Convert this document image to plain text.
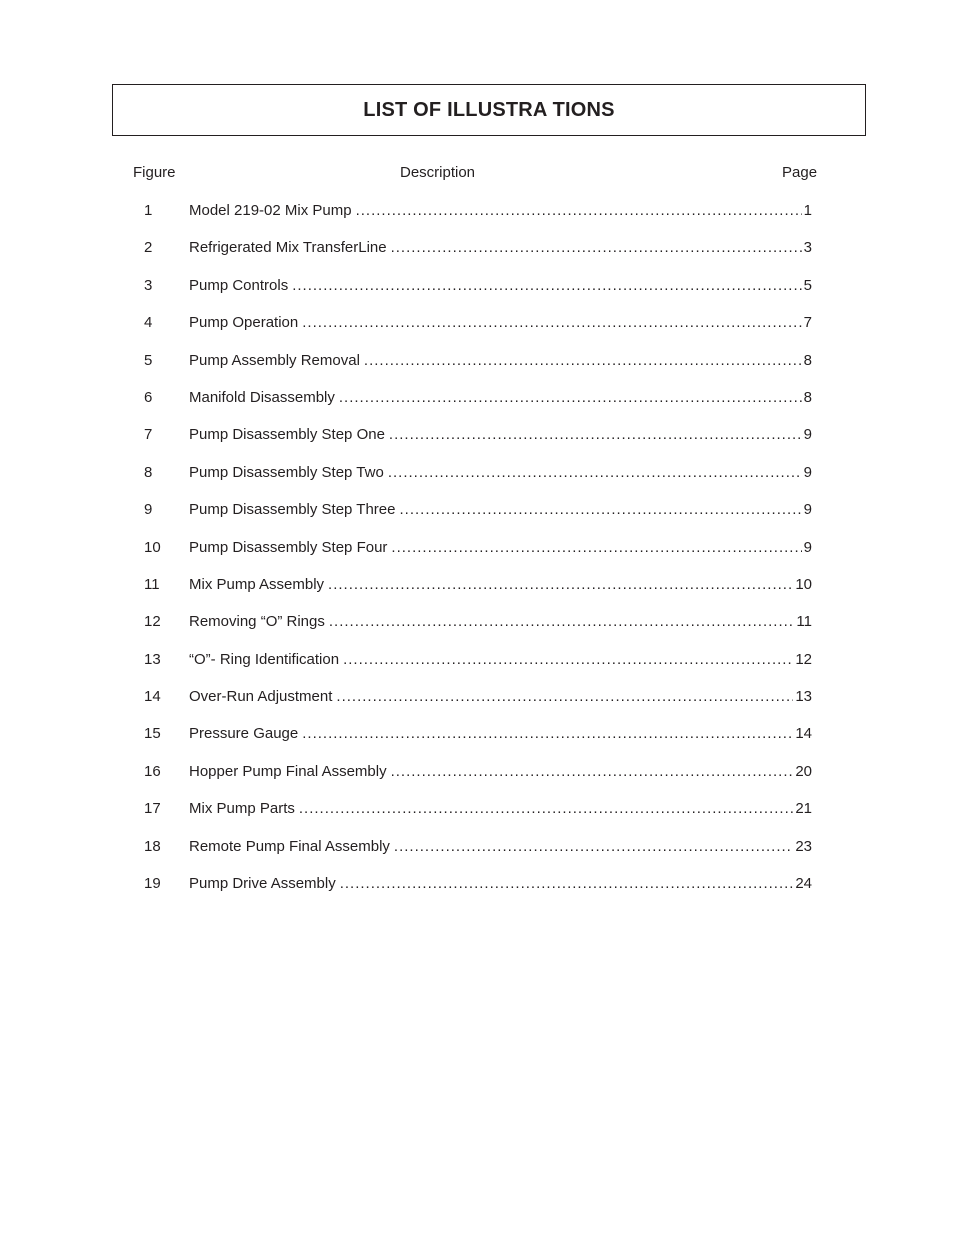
LIST OF ILLUSTRA TIONS
Figure	Description	Page
1 Model 219-02 Mix Pump .....	1
2 Refrigerated Mix TransferLine .....	3
3 Pump Controls .....	5
4 Pump Operation .....	7
5 Pump Assembly Removal .....	8
6 Manifold Disassembly .....	8
7 Pump Disassembly Step One .....	9
8 Pump Disassembly Step Two .....	9
9 Pump Disassembly Step Three .....	9
10 Pump Disassembly Step Four .....	9
11 Mix Pump Assembly .....	10
12 Removing “O” Rings .....	11
13 “O”- Ring Identification .....	12
14 Over-Run Adjustment .....	13
15 Pressure Gauge .....	14
16 Hopper Pump Final Assembly .....	20
17 Mix Pump Parts .....	21
18 Remote Pump Final Assembly .....	23
19 Pump Drive Assembly .....	24
